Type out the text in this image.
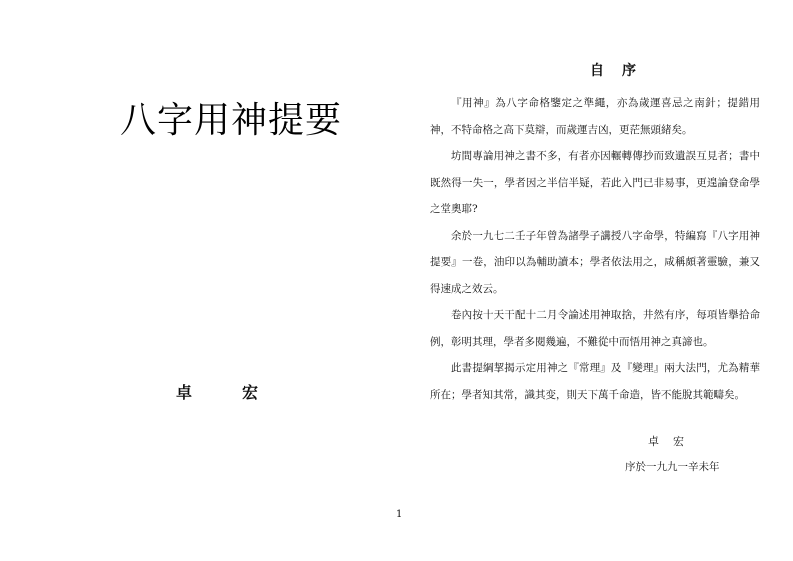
八字用神提要
卓	宏
自序

『用神』為八字命格鑒定之準繩，亦為歲運喜忌之南針；提錯用神，不特命格之高下莫辯，而歲運吉凶，更茫無頭緒矣。

坊間專論用神之書不多，有者亦因輾轉傳抄而致遺誤互見者；書中既然得一失一，學者因之半信半疑，若此入門已非易事，更遑論登命學之堂奧耶?

余於一九七二壬子年曾為諸學子講授八字命學，特編寫『八字用神提要』一卷，油印以為輔助讀本；學者依法用之，咸稱頗著靈驗，兼又得速成之效云。

卷內按十天干配十二月令論述用神取捨，井然有序，每項皆擧拾命例，彰明其理，學者多閱幾遍，不難從中而悟用神之真諦也。

此書提綱挈揭示定用神之『常理』及『變理』兩大法門，尤為精華所在；學者知其常，識其变，則天下萬千命造，皆不能脫其範疇矣。

卓宏
序於一九九一辛未年
1
